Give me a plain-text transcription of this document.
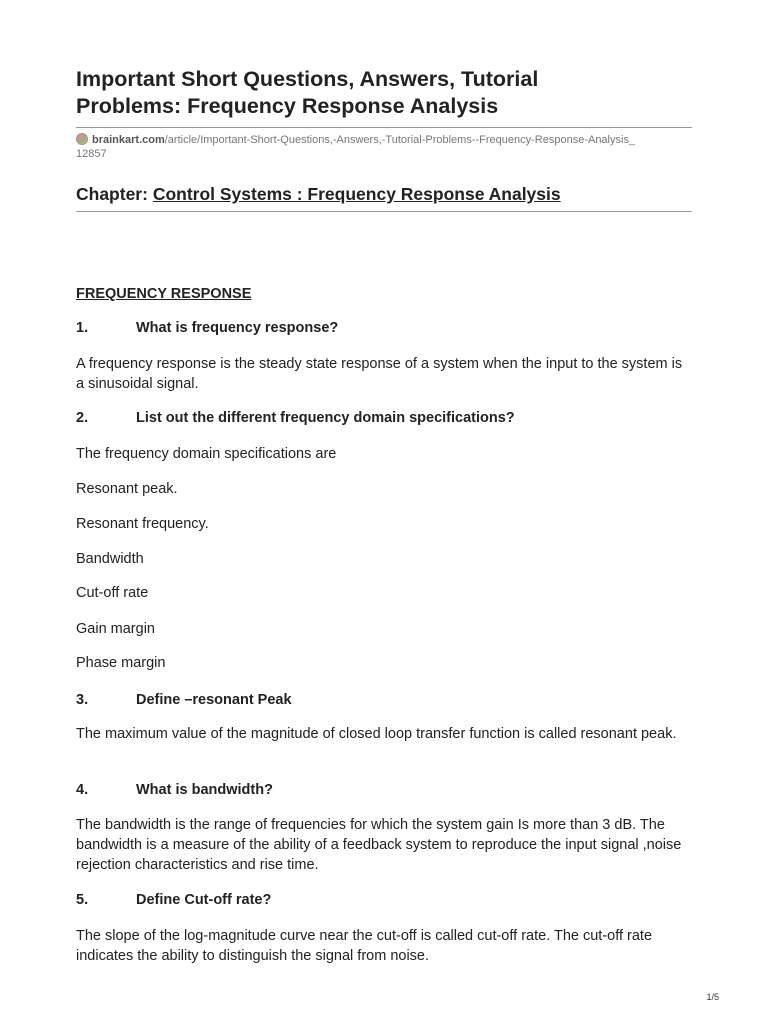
Important Short Questions, Answers, Tutorial
Problems: Frequency Response Analysis
brainkart.com/article/Important-Short-Questions,-Answers,-Tutorial-Problems--Frequency-Response-Analysis_12857
Chapter: Control Systems : Frequency Response Analysis
FREQUENCY RESPONSE
1.	What is frequency response?

A frequency response is the steady state response of a system when the input to the system is a sinusoidal signal.

2.	List out the different frequency domain specifications?

The frequency domain specifications are

Resonant peak.

Resonant frequency.

Bandwidth

Cut-off rate

Gain margin

Phase margin

3.	Define –resonant Peak

The maximum value of the magnitude of closed loop transfer function is called resonant peak.

4.	What is bandwidth?

The bandwidth is the range of frequencies for which the system gain Is more than 3 dB. The bandwidth is a measure of the ability of a feedback system to reproduce the input signal ,noise rejection characteristics and rise time.

5.	Define Cut-off rate?

The slope of the log-magnitude curve near the cut-off is called cut-off rate. The cut-off rate indicates the ability to distinguish the signal from noise.

1/5
